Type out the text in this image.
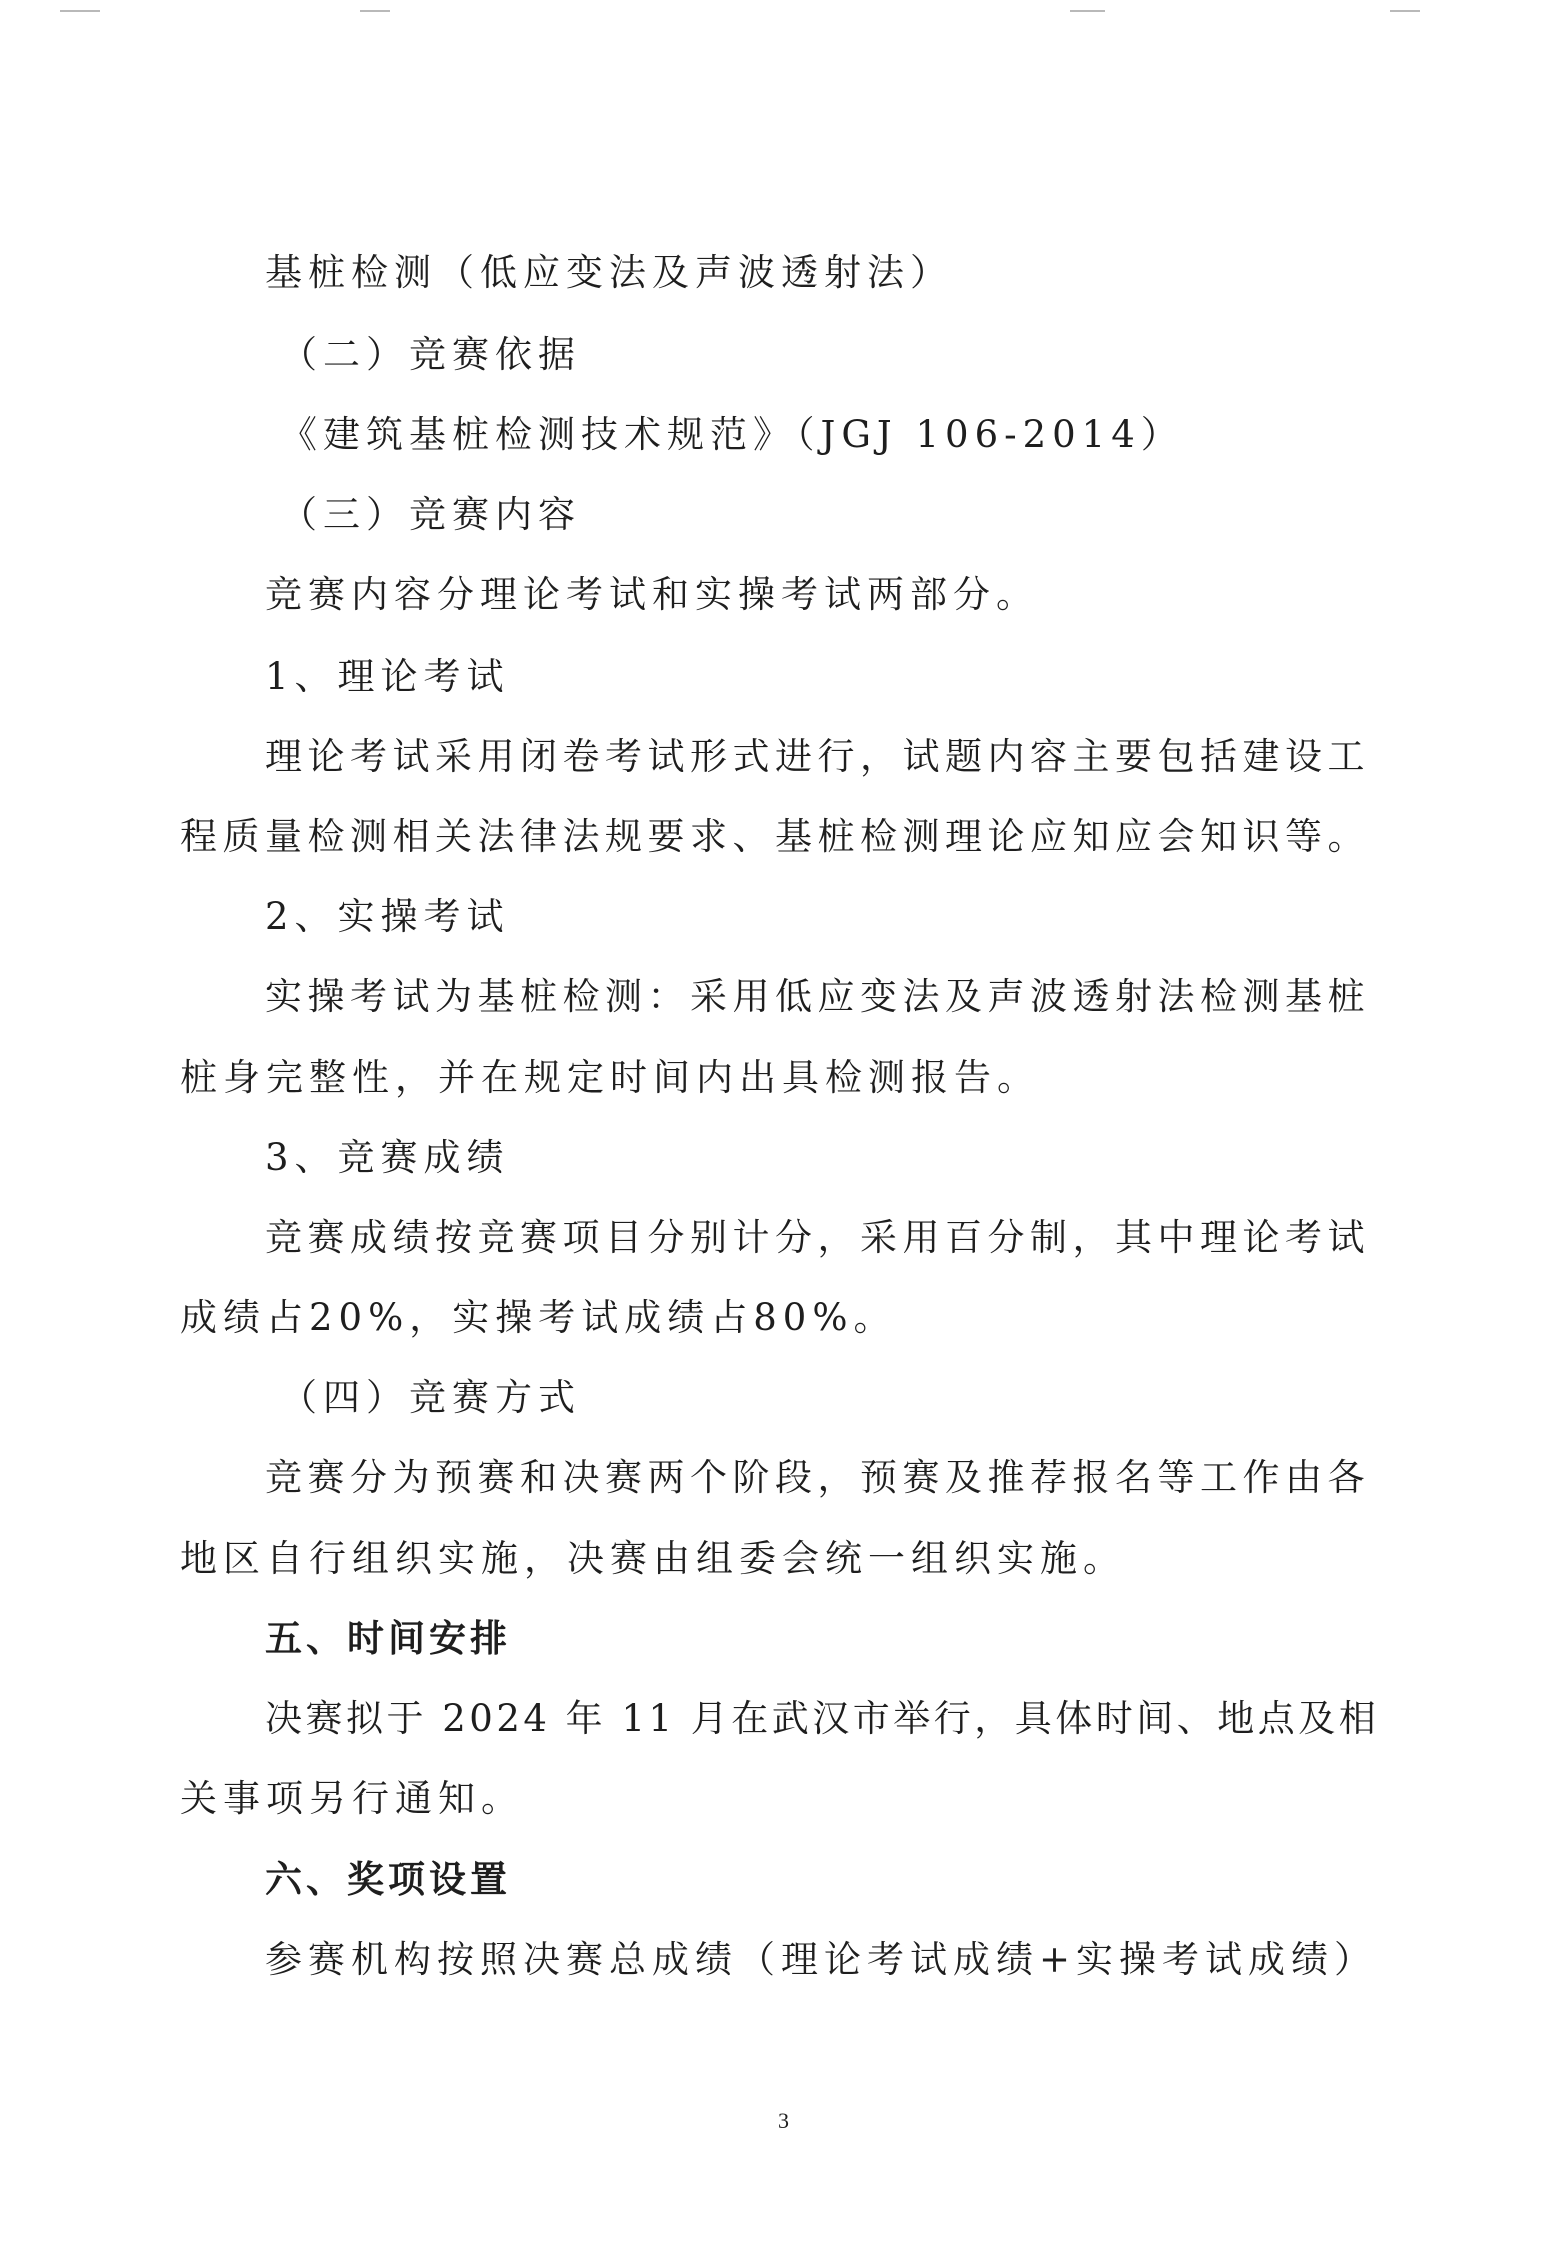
基桩检测（低应变法及声波透射法）
（二）竞赛依据
《建筑基桩检测技术规范》（JGJ 106-2014）
（三）竞赛内容
竞赛内容分理论考试和实操考试两部分。
1、理论考试
理论考试采用闭卷考试形式进行，试题内容主要包括建设工
程质量检测相关法律法规要求、基桩检测理论应知应会知识等。
2、实操考试
实操考试为基桩检测：采用低应变法及声波透射法检测基桩
桩身完整性，并在规定时间内出具检测报告。
3、竞赛成绩
竞赛成绩按竞赛项目分别计分，采用百分制，其中理论考试
成绩占20%，实操考试成绩占80%。
（四）竞赛方式
竞赛分为预赛和决赛两个阶段，预赛及推荐报名等工作由各
地区自行组织实施，决赛由组委会统一组织实施。
五、时间安排
决赛拟于 2024 年 11 月在武汉市举行，具体时间、地点及相
关事项另行通知。
六、奖项设置
参赛机构按照决赛总成绩（理论考试成绩+实操考试成绩）
3
